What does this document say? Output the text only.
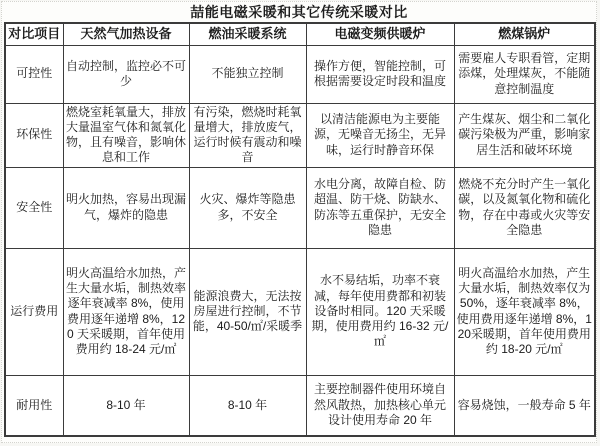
喆能电磁采暖和其它传统采暖对比
对比项目	天然气加热设备	燃油采暖系统	电磁变频供暖炉	燃煤锅炉
可控性	自动控制，监控必不可少	不能独立控制	操作方便，智能控制，可根据需要设定时段和温度	需要雇人专职看管，定期添煤，处理煤灰，不能随意控制温度
环保性	燃烧室耗氧量大，排放大量温室气体和氮氧化物，且有噪音，影响休息和工作	有污染，燃烧时耗氧量增大，排放废气，运行时候有震动和噪音	以清洁能源电为主要能源，无噪音无扬尘，无异味，运行时静音环保	产生煤灰、烟尘和二氧化碳污染极为严重，影响家居生活和破坏环境
安全性	明火加热，容易出现漏气，爆炸的隐患	火灾、爆炸等隐患多，不安全	水电分离，故障自检、防超温、防干烧、防缺水、防冻等五重保护，无安全隐患	燃烧不充分时产生一氧化碳，以及氮氧化物和硫化物，存在中毒或火灾等安全隐患
运行费用	明火高温给水加热，产生大量水垢，制热效率逐年衰减率 8%，使用费用逐年递增 8%，120 天采暖期，首年使用费用约 18-24 元/㎡	能源浪费大，无法按房屋进行控制，不节能，40-50/㎡/采暖季	水不易结垢，功率不衰减，每年使用费都和初装设备时相同。120 天采暖期，使用费用约 16-32 元/㎡	明火高温给水加热，产生大量水垢，制热效率仅为50%，逐年衰减率 8%，使用费用逐年递增 8%，120采暖期，首年使用费用约 18-20 元/㎡
耐用性	8-10 年	8-10 年	主要控制器件使用环境自然风散热，加热核心单元设计使用寿命 20 年	容易烧蚀，一般寿命 5 年
